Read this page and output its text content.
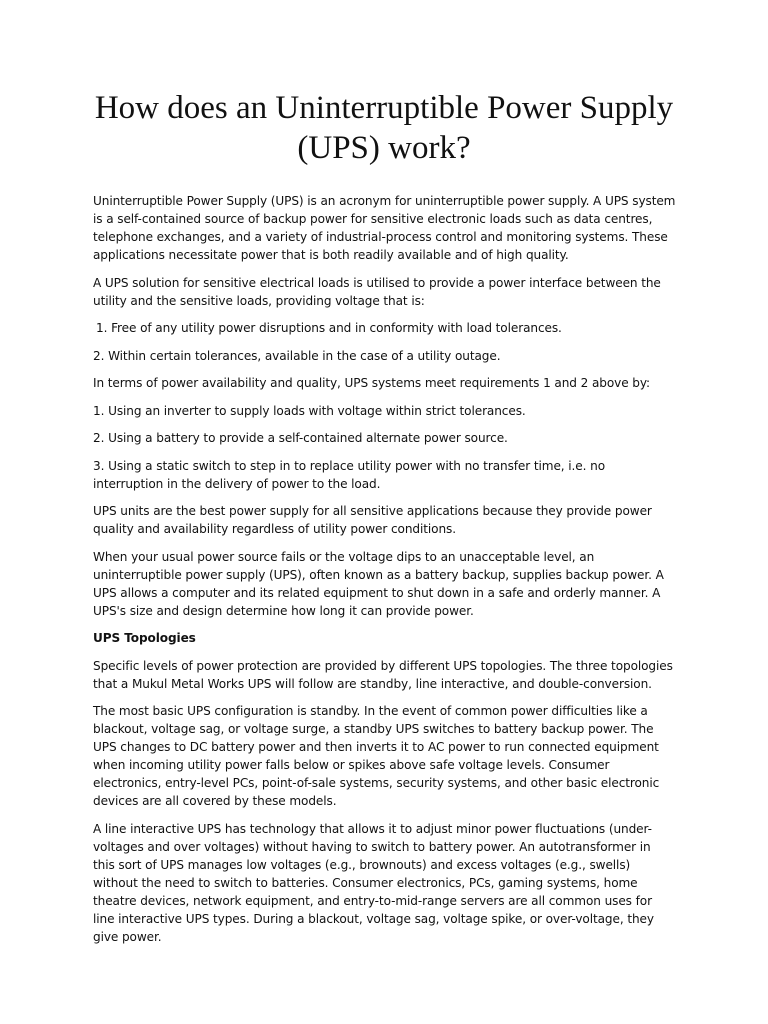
How does an Uninterruptible Power Supply (UPS) work?

Uninterruptible Power Supply (UPS) is an acronym for uninterruptible power supply. A UPS system is a self-contained source of backup power for sensitive electronic loads such as data centres, telephone exchanges, and a variety of industrial-process control and monitoring systems. These applications necessitate power that is both readily available and of high quality.

A UPS solution for sensitive electrical loads is utilised to provide a power interface between the utility and the sensitive loads, providing voltage that is:

1. Free of any utility power disruptions and in conformity with load tolerances.

2. Within certain tolerances, available in the case of a utility outage.

In terms of power availability and quality, UPS systems meet requirements 1 and 2 above by:

1. Using an inverter to supply loads with voltage within strict tolerances.

2. Using a battery to provide a self-contained alternate power source.

3. Using a static switch to step in to replace utility power with no transfer time, i.e. no interruption in the delivery of power to the load.

UPS units are the best power supply for all sensitive applications because they provide power quality and availability regardless of utility power conditions.

When your usual power source fails or the voltage dips to an unacceptable level, an uninterruptible power supply (UPS), often known as a battery backup, supplies backup power. A UPS allows a computer and its related equipment to shut down in a safe and orderly manner. A UPS's size and design determine how long it can provide power.

UPS Topologies

Specific levels of power protection are provided by different UPS topologies. The three topologies that a Mukul Metal Works UPS will follow are standby, line interactive, and double-conversion.

The most basic UPS configuration is standby. In the event of common power difficulties like a blackout, voltage sag, or voltage surge, a standby UPS switches to battery backup power. The UPS changes to DC battery power and then inverts it to AC power to run connected equipment when incoming utility power falls below or spikes above safe voltage levels. Consumer electronics, entry-level PCs, point-of-sale systems, security systems, and other basic electronic devices are all covered by these models.

A line interactive UPS has technology that allows it to adjust minor power fluctuations (under-voltages and over voltages) without having to switch to battery power. An autotransformer in this sort of UPS manages low voltages (e.g., brownouts) and excess voltages (e.g., swells) without the need to switch to batteries. Consumer electronics, PCs, gaming systems, home theatre devices, network equipment, and entry-to-mid-range servers are all common uses for line interactive UPS types. During a blackout, voltage sag, voltage spike, or over-voltage, they give power.
